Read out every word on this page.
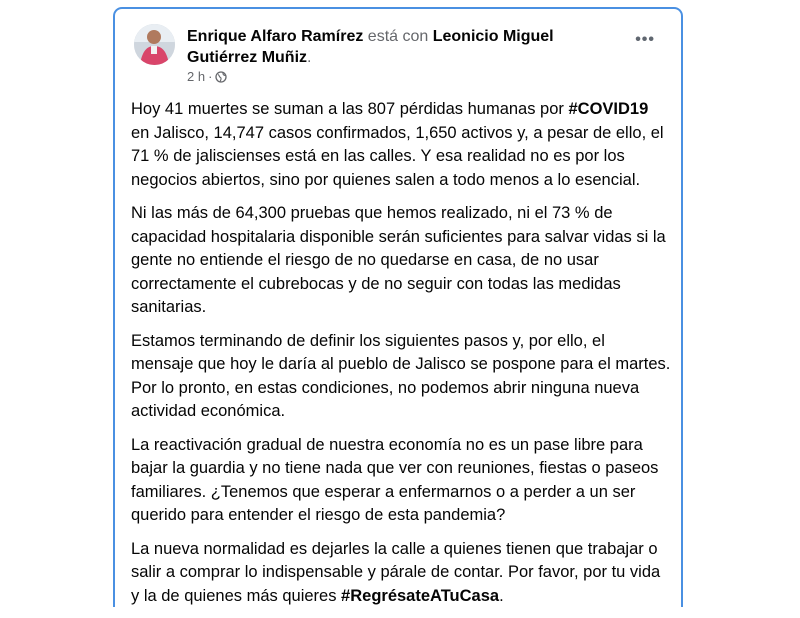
Enrique Alfaro Ramírez está con Leonicio Miguel Gutiérrez Muñiz.
2 h ·
•••

Hoy 41 muertes se suman a las 807 pérdidas humanas por #COVID19 en Jalisco, 14,747 casos confirmados, 1,650 activos y, a pesar de ello, el 71 % de jaliscienses está en las calles. Y esa realidad no es por los negocios abiertos, sino por quienes salen a todo menos a lo esencial.

Ni las más de 64,300 pruebas que hemos realizado, ni el 73 % de capacidad hospitalaria disponible serán suficientes para salvar vidas si la gente no entiende el riesgo de no quedarse en casa, de no usar correctamente el cubrebocas y de no seguir con todas las medidas sanitarias.

Estamos terminando de definir los siguientes pasos y, por ello, el mensaje que hoy le daría al pueblo de Jalisco se pospone para el martes. Por lo pronto, en estas condiciones, no podemos abrir ninguna nueva actividad económica.

La reactivación gradual de nuestra economía no es un pase libre para bajar la guardia y no tiene nada que ver con reuniones, fiestas o paseos familiares. ¿Tenemos que esperar a enfermarnos o a perder a un ser querido para entender el riesgo de esta pandemia?

La nueva normalidad es dejarles la calle a quienes tienen que trabajar o salir a comprar lo indispensable y párale de contar. Por favor, por tu vida y la de quienes más quieres #RegrésateATuCasa.
